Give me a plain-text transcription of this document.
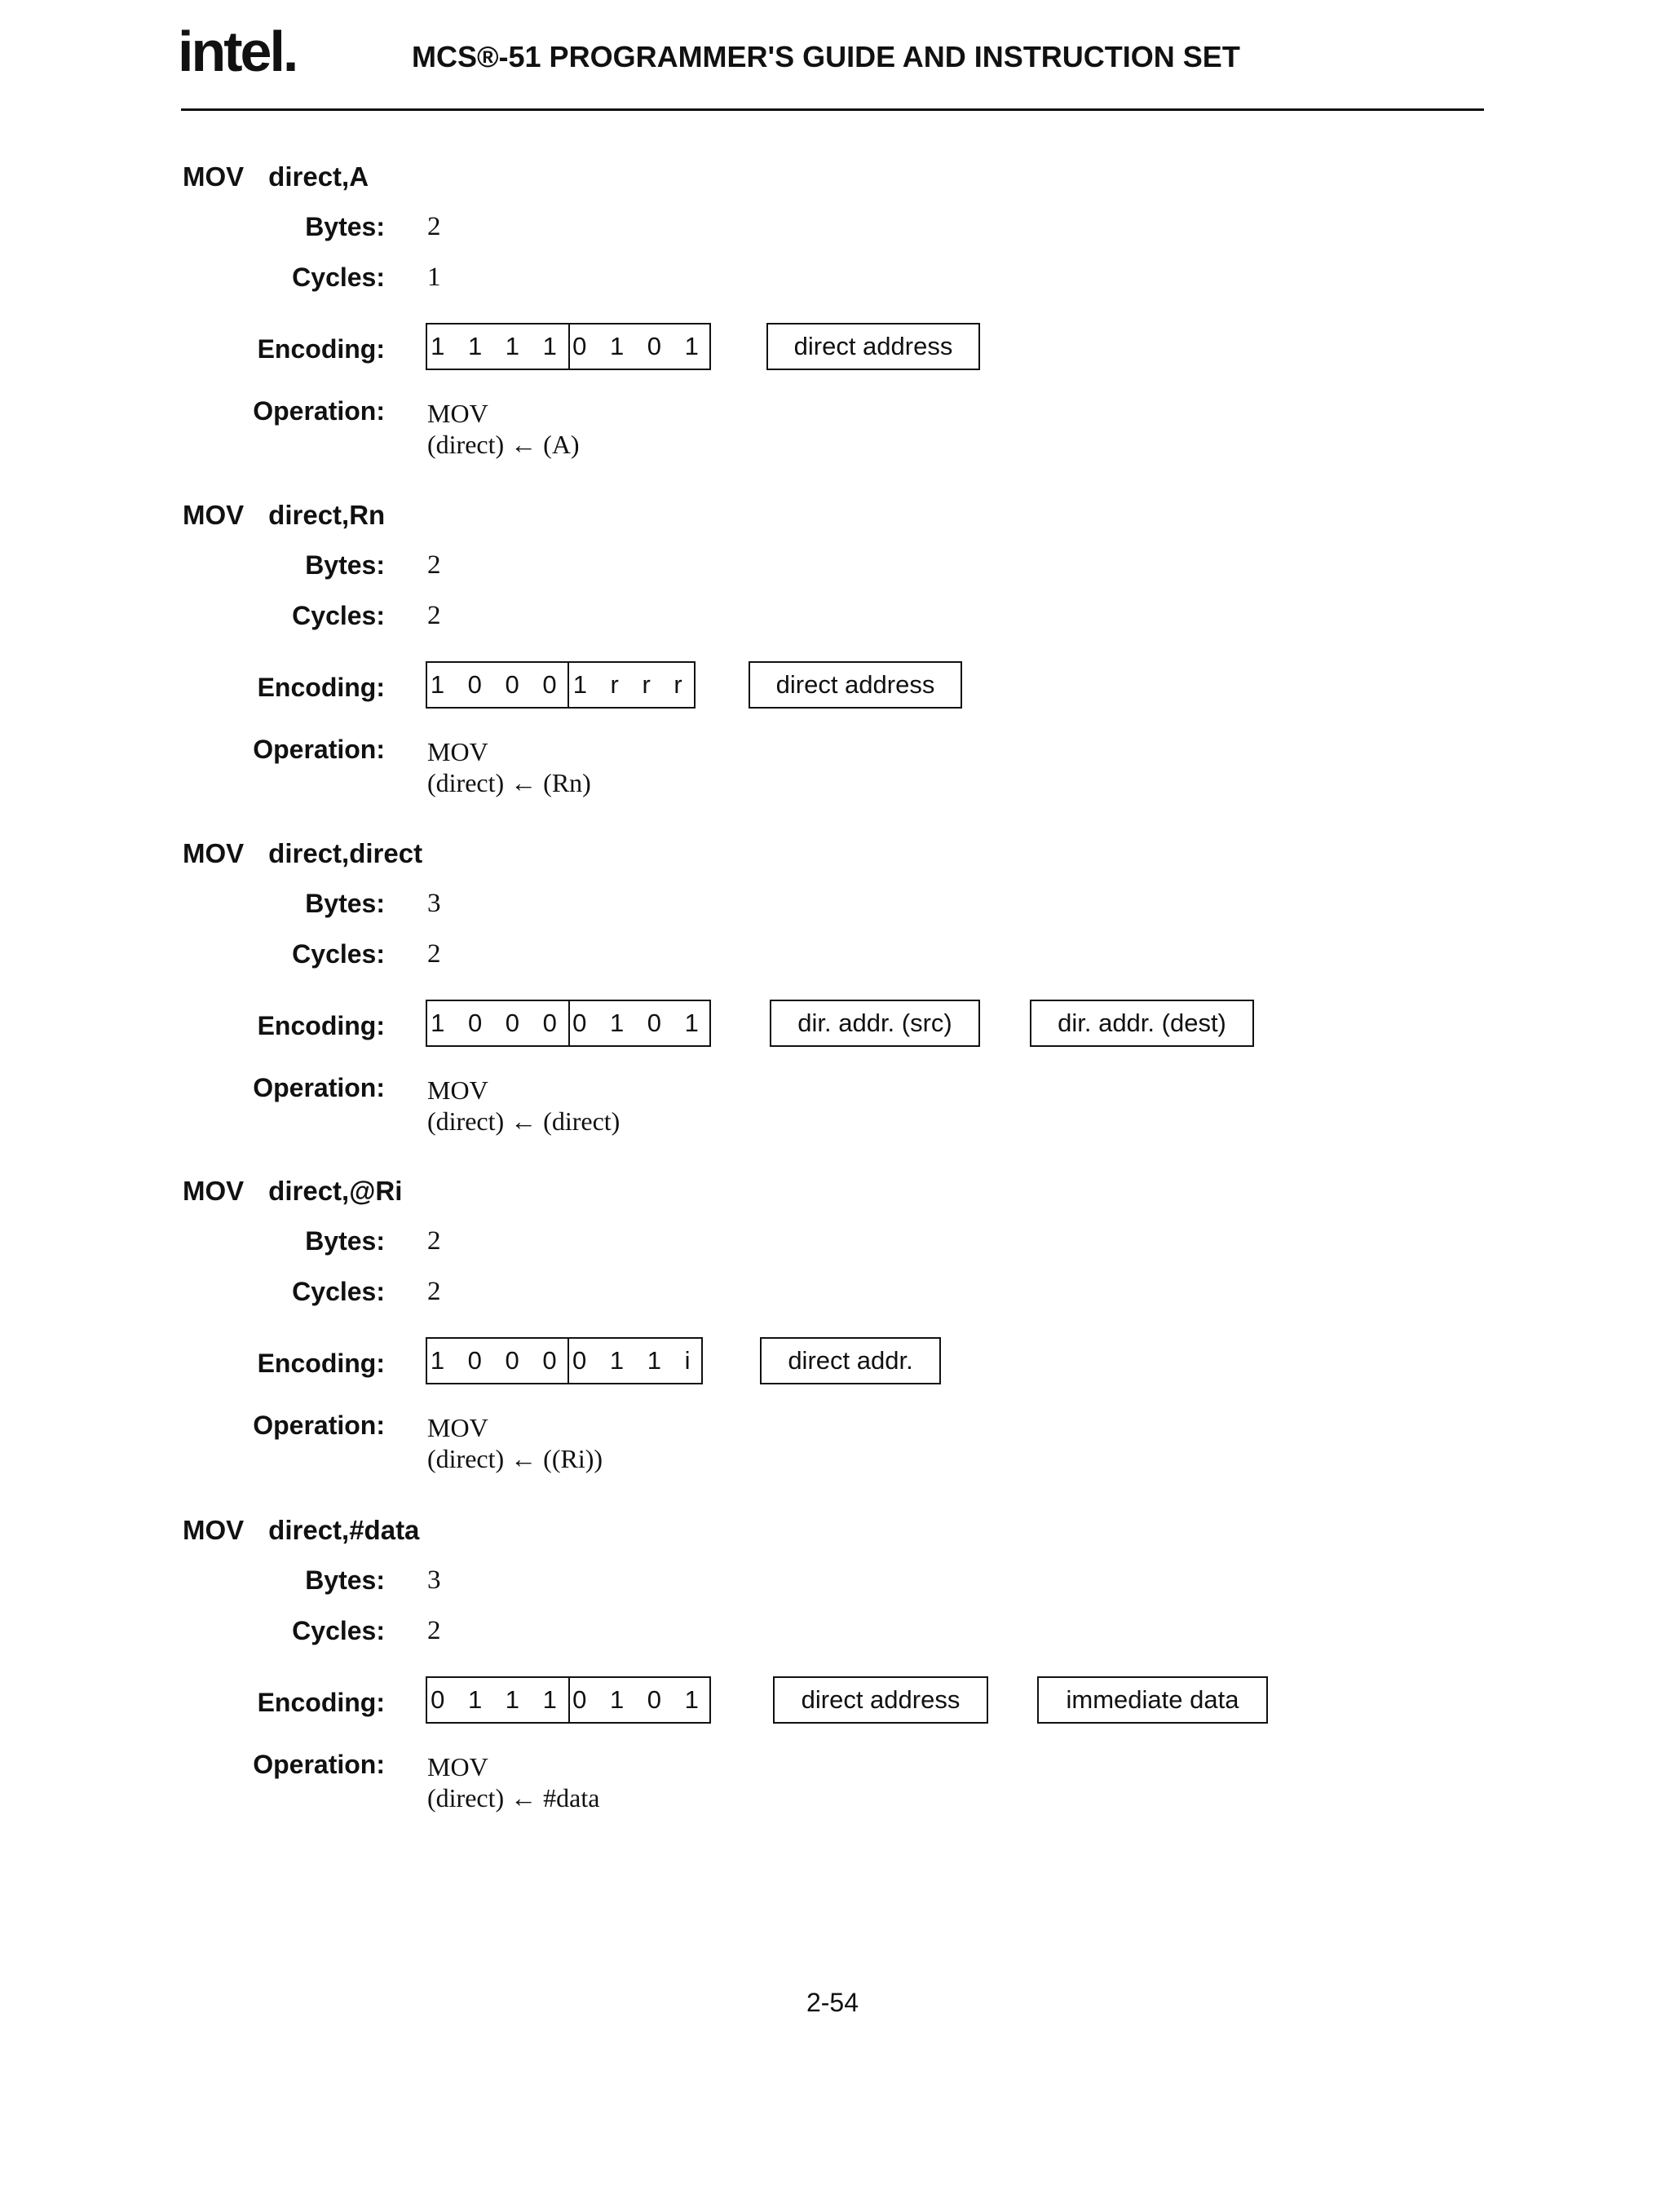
intel.	MCS®-51 PROGRAMMER'S GUIDE AND INSTRUCTION SET
MOV direct,A
Bytes: 2
Cycles: 1
Encoding: 1 1 1 1 0 1 0 1	direct address
Operation: MOV
(direct) ← (A)
MOV direct,Rn
Bytes: 2
Cycles: 2
Encoding: 1 0 0 0 1 r r r	direct address
Operation: MOV
(direct) ← (Rn)
MOV direct,direct
Bytes: 3
Cycles: 2
Encoding: 1 0 0 0 0 1 0 1	dir. addr. (src)	dir. addr. (dest)
Operation: MOV
(direct) ← (direct)
MOV direct,@Ri
Bytes: 2
Cycles: 2
Encoding: 1 0 0 0 0 1 1 i	direct addr.
Operation: MOV
(direct) ← ((Ri))
MOV direct,#data
Bytes: 3
Cycles: 2
Encoding: 0 1 1 1 0 1 0 1	direct address	immediate data
Operation: MOV
(direct) ← #data
2-54
